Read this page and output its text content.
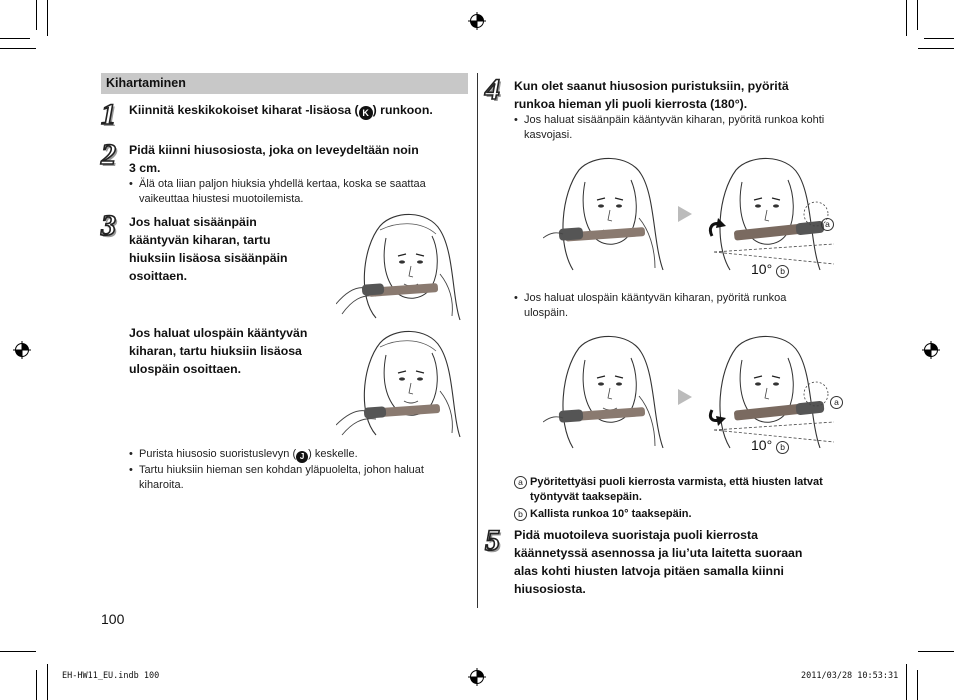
Kihartaminen
1 Kiinnitä keskikokoiset kiharat -lisäosa ( K ) runkoon.
2 Pidä kiinni hiusosiosta, joka on leveydeltään noin
3 cm.
• Älä ota liian paljon hiuksia yhdellä kertaa, koska se saattaa
vaikeuttaa hiustesi muotoilemista.
3 Jos haluat sisäänpäin
kääntyvän kiharan, tartu
hiuksiin lisäosa sisäänpäin
osoittaen.
Jos haluat ulospäin kääntyvän
kiharan, tartu hiuksiin lisäosa
ulospäin osoittaen.
• Purista hiusosio suoristuslevyn ( J ) keskelle.
• Tartu hiuksiin hieman sen kohdan yläpuolelta, johon haluat
kiharoita.
100
4 Kun olet saanut hiusosion puristuksiin, pyöritä
runkoa hieman yli puoli kierrosta (180°).
• Jos haluat sisäänpäin kääntyvän kiharan, pyöritä runkoa kohti
kasvojasi.
a
10° b
• Jos haluat ulospäin kääntyvän kiharan, pyöritä runkoa
ulospäin.
a
10° b
a Pyöritettyäsi puoli kierrosta varmista, että hiusten latvat
työntyvät taaksepäin.
b Kallista runkoa 10° taaksepäin.
5 Pidä muotoileva suoristaja puoli kierrosta
käännetyssä asennossa ja liu’uta laitetta suoraan
alas kohti hiusten latvoja pitäen samalla kiinni
hiusosiosta.
EH-HW11_EU.indb 100	2011/03/28 10:53:31
